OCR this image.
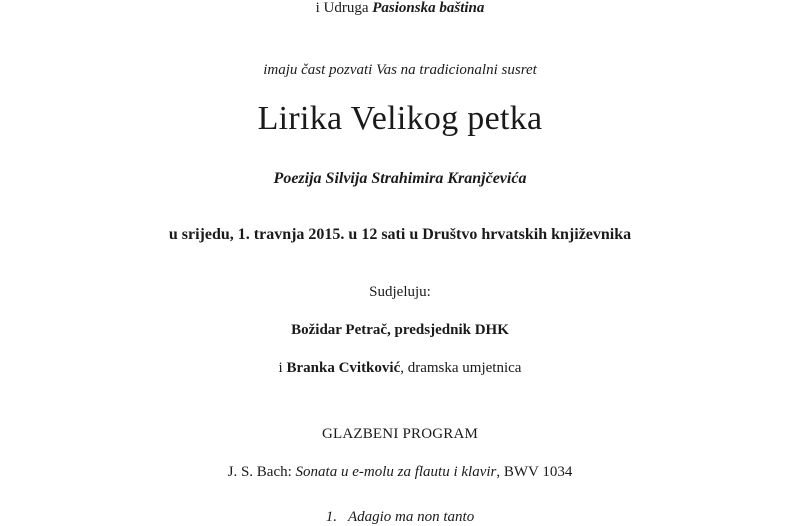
i Udruga Pasionska baština
imaju čast pozvati Vas na tradicionalni susret
Lirika Velikog petka
Poezija Silvija Strahimira Kranjčevića
u srijedu, 1. travnja 2015. u 12 sati u Društvo hrvatskih književnika
Sudjeluju:
Božidar Petrač, predsjednik DHK
i Branka Cvitković, dramska umjetnica
GLAZBENI PROGRAM
J. S. Bach: Sonata u e-molu za flautu i klavir, BWV 1034
1.   Adagio ma non tanto
